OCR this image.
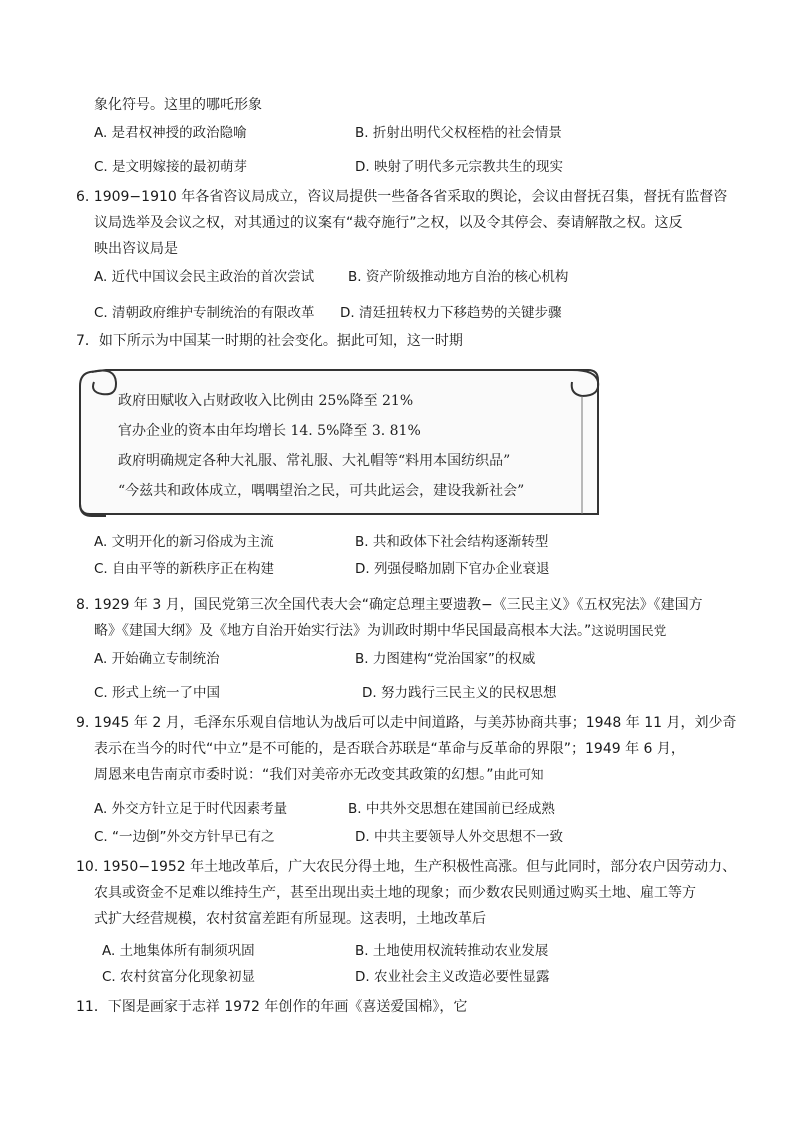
象化符号。这里的哪吒形象
A. 是君权神授的政治隐喻	B. 折射出明代父权桎梏的社会情景
C. 是文明嫁接的最初萌芽	D. 映射了明代多元宗教共生的现实
6. 1909−1910 年各省咨议局成立，咨议局提供一些备各省采取的舆论，会议由督抚召集，督抚有监督咨
议局选举及会议之权，对其通过的议案有“裁夺施行”之权，以及令其停会、奏请解散之权。这反
映出咨议局是
A. 近代中国议会民主政治的首次尝试	B. 资产阶级推动地方自治的核心机构
C. 清朝政府维护专制统治的有限改革 D. 清廷扭转权力下移趋势的关键步骤
7．如下所示为中国某一时期的社会变化。据此可知，这一时期
政府田赋收入占财政收入比例由 25%降至 21%
官办企业的资本由年均增长 14. 5%降至 3. 81%
政府明确规定各种大礼服、常礼服、大礼帽等“料用本国纺织品”
“今兹共和政体成立，喁喁望治之民，可共此运会，建设我新社会”
A. 文明开化的新习俗成为主流	B. 共和政体下社会结构逐渐转型
C. 自由平等的新秩序正在构建	D. 列强侵略加剧下官办企业衰退
8. 1929 年 3 月，国民党第三次全国代表大会“确定总理主要遗教−《三民主义》《五权宪法》《建国方
略》《建国大纲》及《地方自治开始实行法》为训政时期中华民国最高根本大法。”这说明国民党
A. 开始确立专制统治	B. 力图建构“党治国家”的权威
C. 形式上统一了中国	D. 努力践行三民主义的民权思想
9. 1945 年 2 月，毛泽东乐观自信地认为战后可以走中间道路，与美苏协商共事；1948 年 11 月，刘少奇
表示在当今的时代“中立”是不可能的，是否联合苏联是“革命与反革命的界限”；1949 年 6 月，
周恩来电告南京市委时说：“我们对美帝亦无改变其政策的幻想。”由此可知
A. 外交方针立足于时代因素考量	B. 中共外交思想在建国前已经成熟
C. “一边倒”外交方针早已有之	D. 中共主要领导人外交思想不一致
10. 1950−1952 年土地改革后，广大农民分得土地，生产积极性高涨。但与此同时，部分农户因劳动力、
农具或资金不足难以维持生产，甚至出现出卖土地的现象；而少数农民则通过购买土地、雇工等方
式扩大经营规模，农村贫富差距有所显现。这表明，土地改革后
A. 土地集体所有制须巩固	B. 土地使用权流转推动农业发展
C. 农村贫富分化现象初显	D. 农业社会主义改造必要性显露
11．下图是画家于志祥 1972 年创作的年画《喜送爱国棉》，它
